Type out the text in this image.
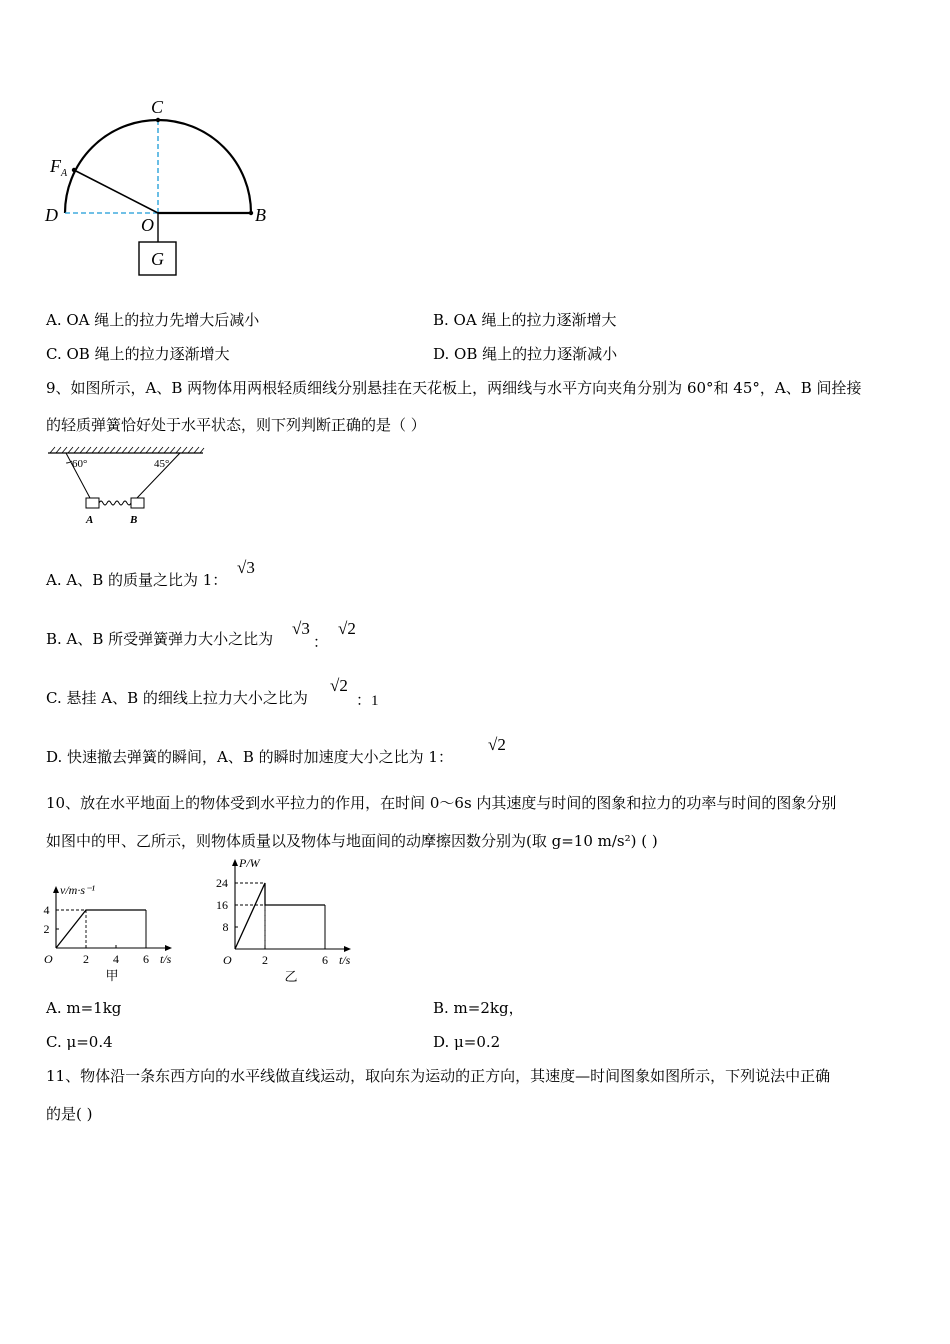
C
F A
D	O	B
G
A. OA 绳上的拉力先增大后减小	B. OA 绳上的拉力逐渐增大
C. OB 绳上的拉力逐渐增大	D. OB 绳上的拉力逐渐减小
9、如图所示，A、B 两物体用两根轻质细线分别悬挂在天花板上，两细线与水平方向夹角分别为 60°和 45°，A、B 间拴接
的轻质弹簧恰好处于水平状态，则下列判断正确的是（ ）
60°	45°
A	B
A. A、B 的质量之比为 1：
√3
B. A、B 所受弹簧弹力大小之比为
√3
：
√2
C. 悬挂 A、B 的细线上拉力大小之比为
√2
：1
D. 快速撤去弹簧的瞬间，A、B 的瞬时加速度大小之比为 1：
√2
10、放在水平地面上的物体受到水平拉力的作用，在时间 0～6s 内其速度与时间的图象和拉力的功率与时间的图象分别
如图中的甲、乙所示，则物体质量以及物体与地面间的动摩擦因数分别为(取 g=10 m/s²) ( )
2 4 6
2
4
O	t/s
v/m·s⁻¹
甲
2	6
8
16
24
O	t/s
P/W
乙
A. m=1kg	B. m=2kg，
C. μ=0.4	D. μ=0.2
11、物体沿一条东西方向的水平线做直线运动，取向东为运动的正方向，其速度—时间图象如图所示，下列说法中正确
的是( )
